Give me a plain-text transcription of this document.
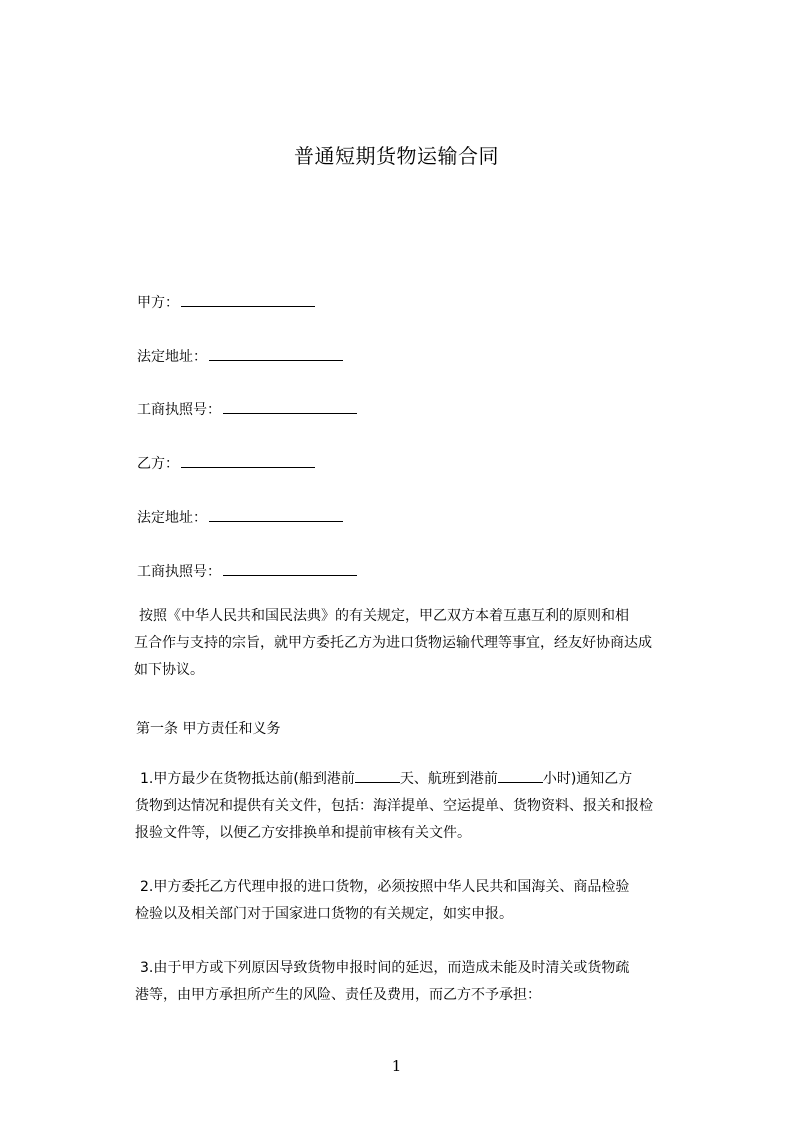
普通短期货物运输合同
甲方：
法定地址：
工商执照号：
乙方：
法定地址：
工商执照号：
按照《中华人民共和国民法典》的有关规定，甲乙双方本着互惠互利的原则和相
互合作与支持的宗旨，就甲方委托乙方为进口货物运输代理等事宜，经友好协商达成
如下协议。
第一条 甲方责任和义务
1.甲方最少在货物抵达前(船到港前	天、航班到港前	小时)通知乙方
货物到达情况和提供有关文件，包括：海洋提单、空运提单、货物资料、报关和报检
报验文件等，以便乙方安排换单和提前审核有关文件。
2.甲方委托乙方代理申报的进口货物，必须按照中华人民共和国海关、商品检验
检验以及相关部门对于国家进口货物的有关规定，如实申报。
3.由于甲方或下列原因导致货物申报时间的延迟，而造成未能及时清关或货物疏
港等，由甲方承担所产生的风险、责任及费用，而乙方不予承担：
1
